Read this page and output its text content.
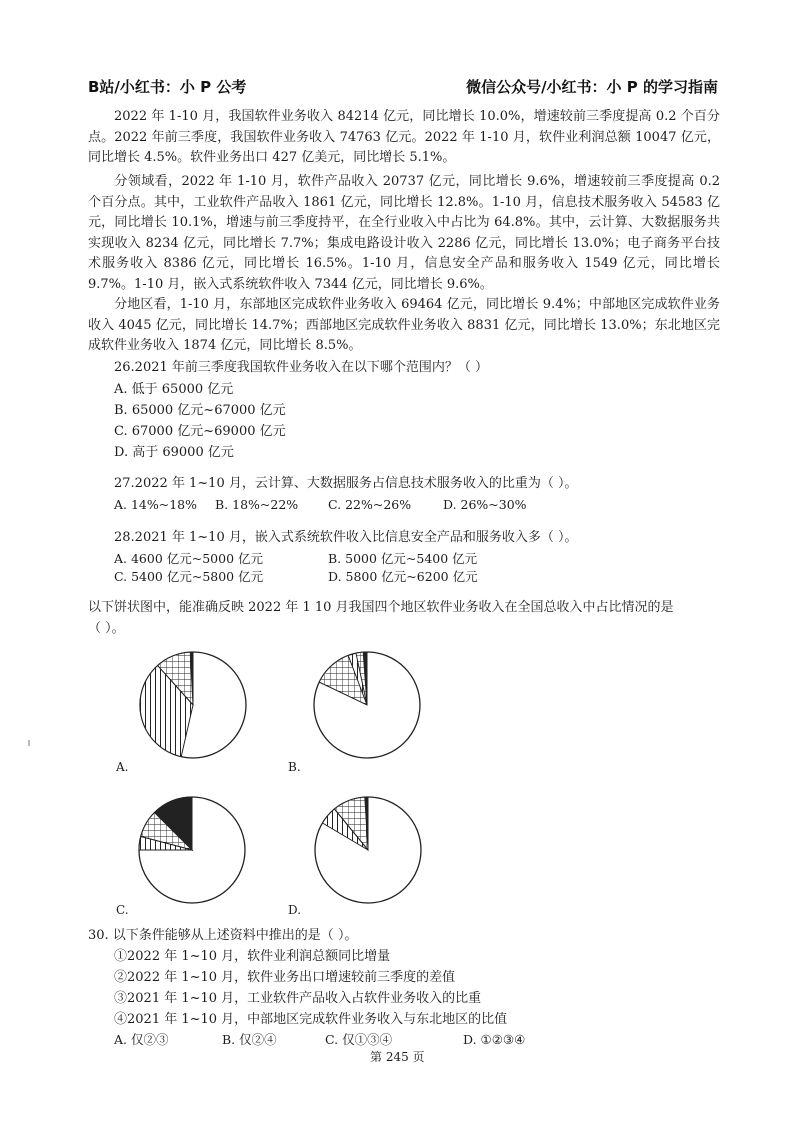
B站/小红书：小 P 公考	微信公众号/小红书：小 P 的学习指南

2022 年 1-10 月，我国软件业务收入 84214 亿元，同比增长 10.0%，增速较前三季度提高 0.2 个百分点。2022 年前三季度，我国软件业务收入 74763 亿元。2022 年 1-10 月，软件业利润总额 10047 亿元，同比增长 4.5%。软件业务出口 427 亿美元，同比增长 5.1%。

分领域看，2022 年 1-10 月，软件产品收入 20737 亿元，同比增长 9.6%，增速较前三季度提高 0.2 个百分点。其中，工业软件产品收入 1861 亿元，同比增长 12.8%。1-10 月，信息技术服务收入 54583 亿元，同比增长 10.1%，增速与前三季度持平，在全行业收入中占比为 64.8%。其中，云计算、大数据服务共实现收入 8234 亿元，同比增长 7.7%；集成电路设计收入 2286 亿元，同比增长 13.0%；电子商务平台技术服务收入 8386 亿元，同比增长 16.5%。1-10 月，信息安全产品和服务收入 1549 亿元，同比增长 9.7%。1-10 月，嵌入式系统软件收入 7344 亿元，同比增长 9.6%。

分地区看，1-10 月，东部地区完成软件业务收入 69464 亿元，同比增长 9.4%；中部地区完成软件业务收入 4045 亿元，同比增长 14.7%；西部地区完成软件业务收入 8831 亿元，同比增长 13.0%；东北地区完成软件业务收入 1874 亿元，同比增长 8.5%。

26.2021 年前三季度我国软件业务收入在以下哪个范围内？（ ）
A. 低于 65000 亿元
B. 65000 亿元~67000 亿元
C. 67000 亿元~69000 亿元
D. 高于 69000 亿元
27.2022 年 1~10 月，云计算、大数据服务占信息技术服务收入的比重为（ ）。
A. 14%~18% B. 18%~22% C. 22%~26%	D. 26%~30%
28.2021 年 1~10 月，嵌入式系统软件收入比信息安全产品和服务收入多（ ）。
A. 4600 亿元~5000 亿元	B. 5000 亿元~5400 亿元
C. 5400 亿元~5800 亿元	D. 5800 亿元~6200 亿元
以下饼状图中，能准确反映 2022 年 1 10 月我国四个地区软件业务收入在全国总收入中占比情况的是
（ ）。
A.	B.
C.	D.
30. 以下条件能够从上述资料中推出的是（ ）。
①2022 年 1~10 月，软件业利润总额同比增量
②2022 年 1~10 月，软件业务出口增速较前三季度的差值
③2021 年 1~10 月，工业软件产品收入占软件业务收入的比重
④2021 年 1~10 月，中部地区完成软件业务收入与东北地区的比值
A. 仅②③	B. 仅②④	C. 仅①③④	D. ①②③④
第 245 页
